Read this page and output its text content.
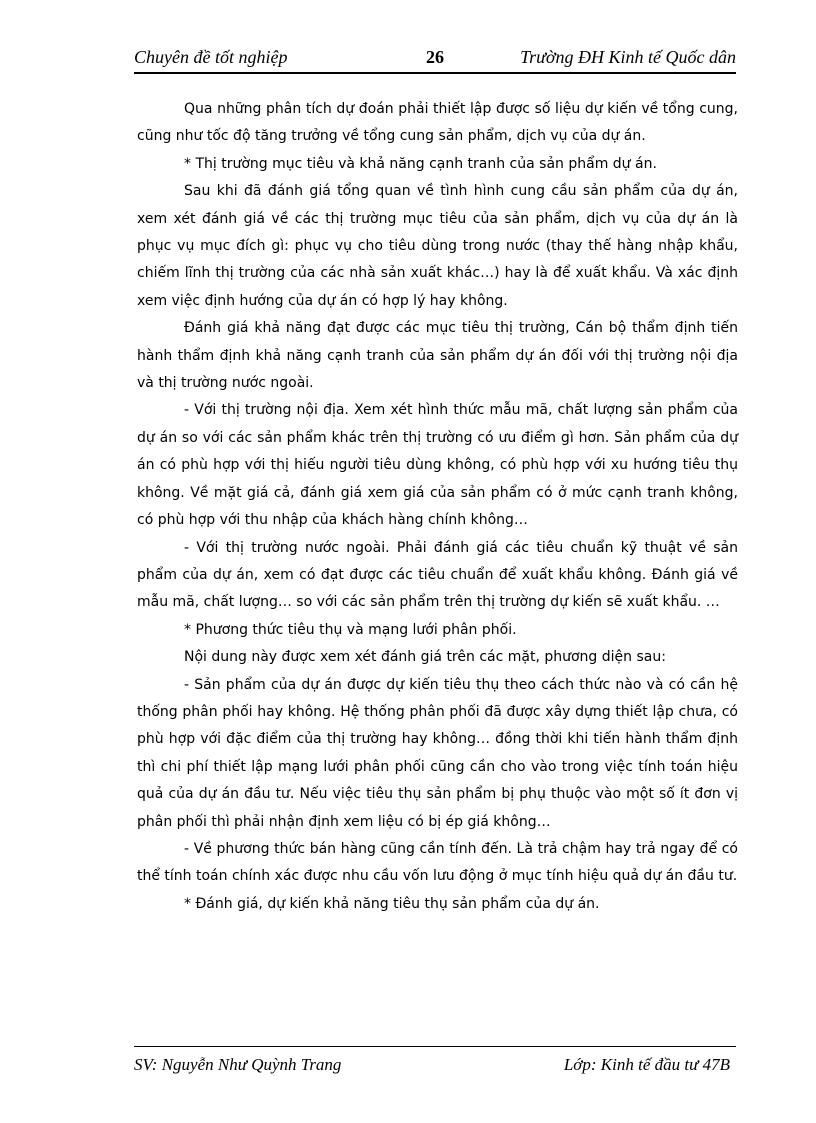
Chuyên đề tốt nghiệp	26	Trường ĐH Kinh tế Quốc dân

Qua những phân tích dự đoán phải thiết lập được số liệu dự kiến về tổng cung, cũng như tốc độ tăng trưởng về tổng cung sản phẩm, dịch vụ của dự án.

* Thị trường mục tiêu và khả năng cạnh tranh của sản phẩm dự án.

Sau khi đã đánh giá tổng quan về tình hình cung cầu sản phẩm của dự án, xem xét đánh giá về các thị trường mục tiêu của sản phẩm, dịch vụ của dự án là phục vụ mục đích gì: phục vụ cho tiêu dùng trong nước (thay thế hàng nhập khẩu, chiếm lĩnh thị trường của các nhà sản xuất khác…) hay là để xuất khẩu. Và xác định xem việc định hướng của dự án có hợp lý hay không.

Đánh giá khả năng đạt được các mục tiêu thị trường, Cán bộ thẩm định tiến hành thẩm định khả năng cạnh tranh của sản phẩm dự án đối với thị trường nội địa và thị trường nước ngoài.

- Với thị trường nội địa. Xem xét hình thức mẫu mã, chất lượng sản phẩm của dự án so với các sản phẩm khác trên thị trường có ưu điểm gì hơn. Sản phẩm của dự án có phù hợp với thị hiếu người tiêu dùng không, có phù hợp với xu hướng tiêu thụ không. Về mặt giá cả, đánh giá xem giá của sản phẩm có ở mức cạnh tranh không, có phù hợp với thu nhập của khách hàng chính không…

- Với thị trường nước ngoài. Phải đánh giá các tiêu chuẩn kỹ thuật về sản phẩm của dự án, xem có đạt được các tiêu chuẩn để xuất khẩu không. Đánh giá về mẫu mã, chất lượng… so với các sản phẩm trên thị trường dự kiến sẽ xuất khẩu. …

* Phương thức tiêu thụ và mạng lưới phân phối.

Nội dung này được xem xét đánh giá trên các mặt, phương diện sau:

- Sản phẩm của dự án được dự kiến tiêu thụ theo cách thức nào và có cần hệ thống phân phối hay không. Hệ thống phân phối đã được xây dựng thiết lập chưa, có phù hợp với đặc điểm của thị trường hay không… đồng thời khi tiến hành thẩm định thì chi phí thiết lập mạng lưới phân phối cũng cần cho vào trong việc tính toán hiệu quả của dự án đầu tư. Nếu việc tiêu thụ sản phẩm bị phụ thuộc vào một số ít đơn vị phân phối thì phải nhận định xem liệu có bị ép giá không…

- Về phương thức bán hàng cũng cần tính đến. Là trả chậm hay trả ngay để có thể tính toán chính xác được nhu cầu vốn lưu động ở mục tính hiệu quả dự án đầu tư.

* Đánh giá, dự kiến khả năng tiêu thụ sản phẩm của dự án.

SV: Nguyễn Như Quỳnh Trang	Lớp: Kinh tế đầu tư 47B
